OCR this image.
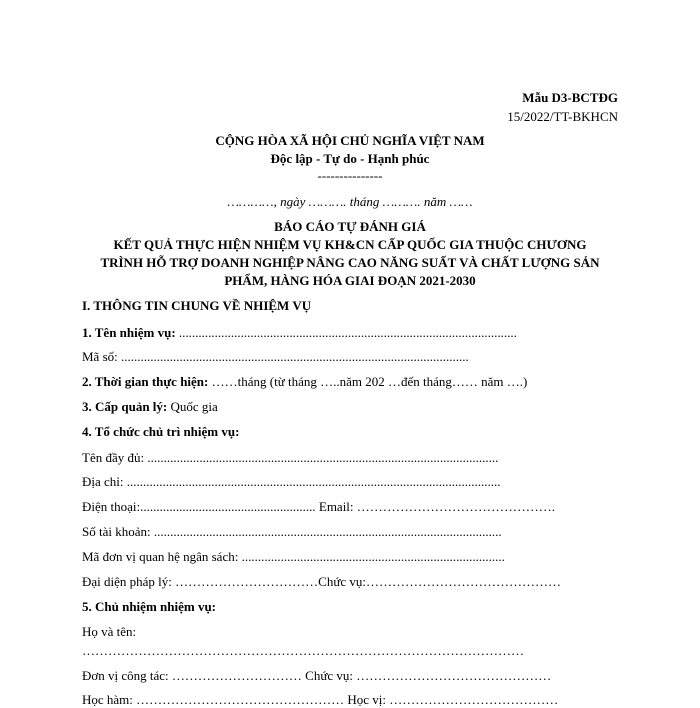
Mẫu D3-BCTĐG
15/2022/TT-BKHCN
CỘNG HÒA XÃ HỘI CHỦ NGHĨA VIỆT NAM
Độc lập - Tự do - Hạnh phúc
---------------
…………, ngày ………. tháng ………. năm ……
BÁO CÁO TỰ ĐÁNH GIÁ
KẾT QUẢ THỰC HIỆN NHIỆM VỤ KH&CN CẤP QUỐC GIA THUỘC CHƯƠNG
TRÌNH HỖ TRỢ DOANH NGHIỆP NÂNG CAO NĂNG SUẤT VÀ CHẤT LƯỢNG SẢN
PHẨM, HÀNG HÓA GIAI ĐOẠN 2021-2030
I. THÔNG TIN CHUNG VỀ NHIỆM VỤ
1. Tên nhiệm vụ: ........................................................................................................
Mã số: ...........................................................................................................
2. Thời gian thực hiện: ……tháng (từ tháng …..năm 202 …đến tháng…… năm ….)
3. Cấp quản lý: Quốc gia
4. Tổ chức chủ trì nhiệm vụ:
Tên đầy đủ: ............................................................................................................
Địa chỉ: ...................................................................................................................
Điện thoại:...................................................... Email: ……………………………………….
Số tài khoản: ...........................................................................................................
Mã đơn vị quan hệ ngân sách: .................................................................................
Đại diện pháp lý: ……………………………Chức vụ:………………………………………
5. Chủ nhiệm nhiệm vụ:
Họ và tên:
…………………………………………………………………………………………
Đơn vị công tác: ………………………… Chức vụ: ………………………………………
Học hàm: ………………………………………… Học vị: …………………………………
